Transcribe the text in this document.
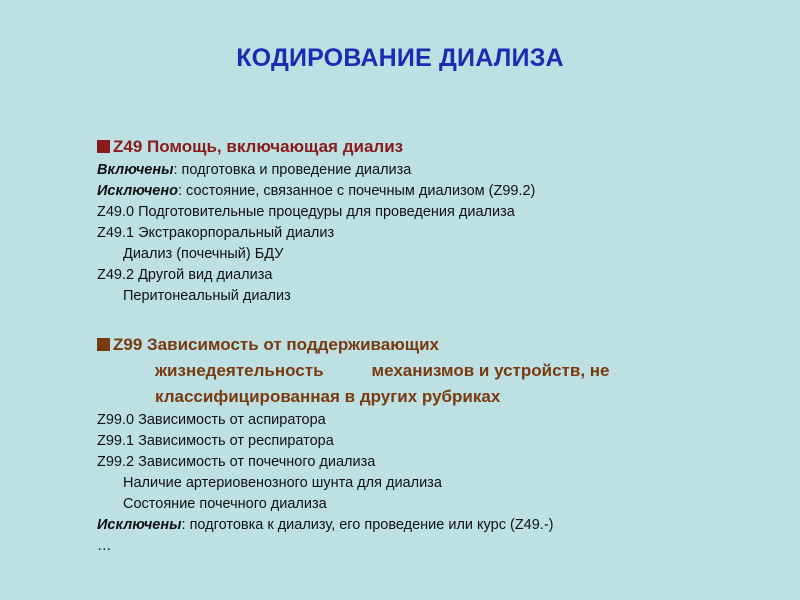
КОДИРОВАНИЕ ДИАЛИЗА
Z49 Помощь, включающая диализ
Включены: подготовка и проведение диализа
Исключено: состояние, связанное с почечным диализом (Z99.2)
Z49.0 Подготовительные процедуры для проведения диализа
Z49.1 Экстракорпоральный диализ
Диализ (почечный) БДУ
Z49.2 Другой вид диализа
Перитонеальный диализ
Z99 Зависимость от поддерживающих
жизнедеятельность	механизмов и устройств, не
классифицированная в других рубриках
Z99.0 Зависимость от аспиратора
Z99.1 Зависимость от респиратора
Z99.2 Зависимость от почечного диализа
Наличие артериовенозного шунта для диализа
Состояние почечного диализа
Исключены: подготовка к диализу, его проведение или курс (Z49.-)
…
